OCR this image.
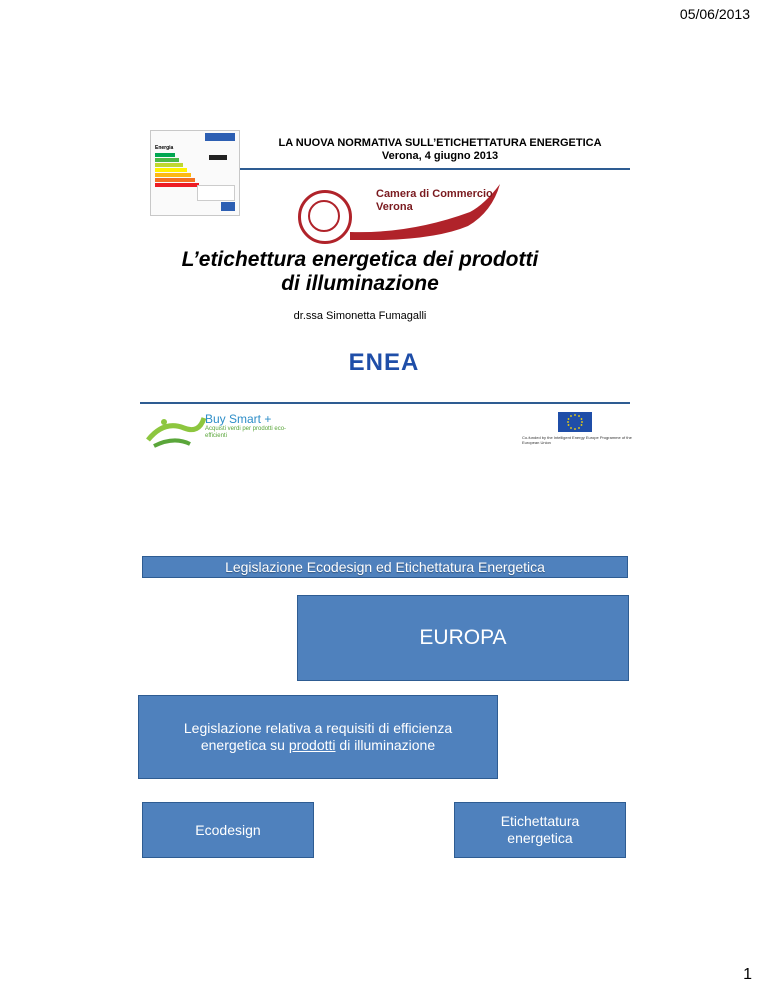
05/06/2013
Energia	LA NUOVA NORMATIVA SULL’ETICHETTATURA ENERGETICA
Verona, 4 giugno 2013
Camera di Commercio
Verona
L’etichettura energetica dei prodotti
di illuminazione
dr.ssa Simonetta Fumagalli
ENEA
Buy Smart +
Acquisti verdi per prodotti eco-efficienti	Co-funded by the Intelligent Energy Europe Programme of the European Union
Legislazione Ecodesign ed Etichettatura Energetica
EUROPA
Legislazione relativa a requisiti di efficienza
energetica su prodotti di illuminazione
Ecodesign
Etichettatura
energetica
1
